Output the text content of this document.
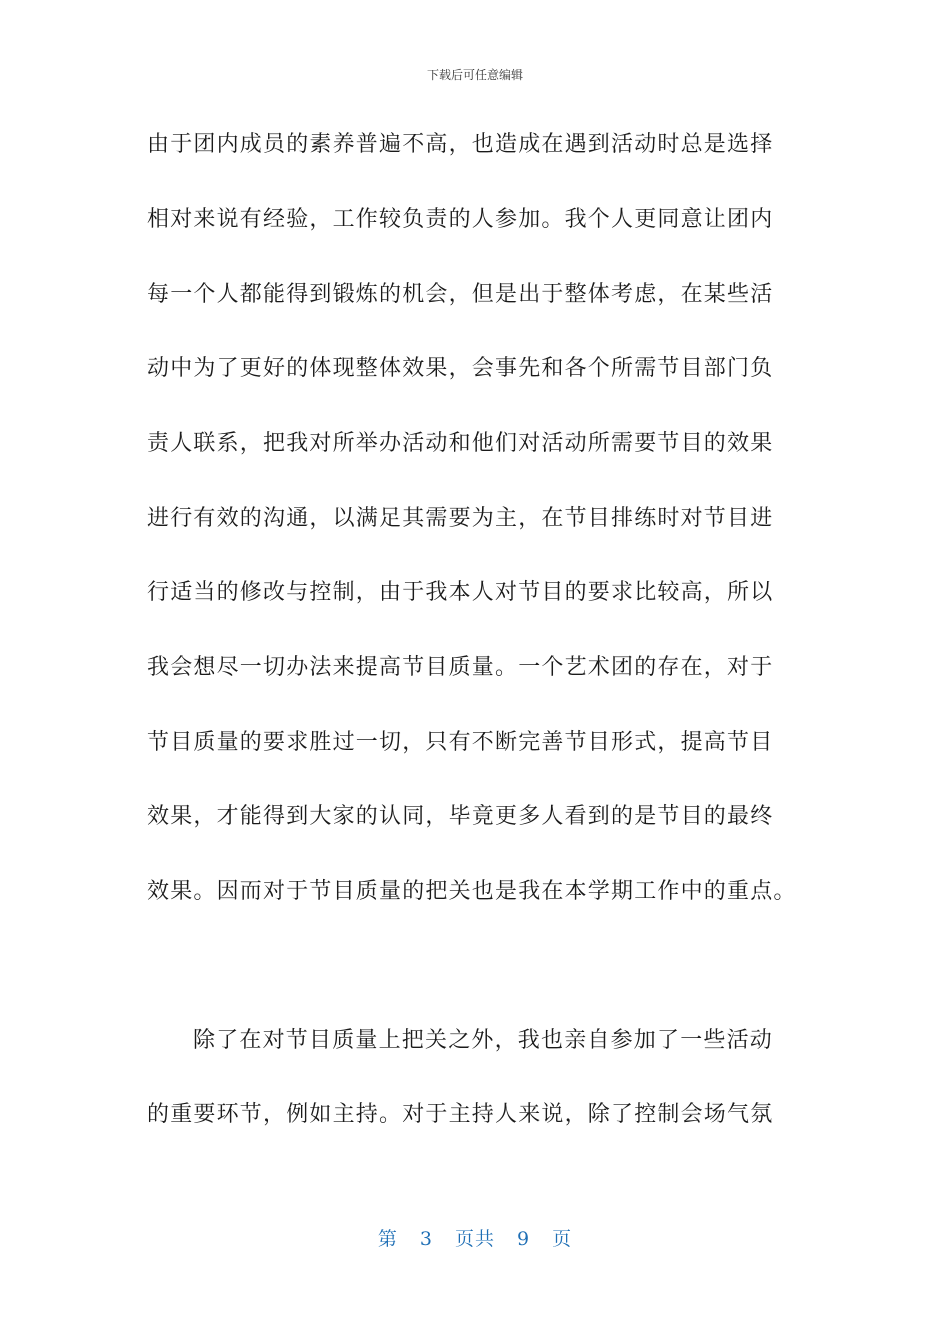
下载后可任意编辑
由于团内成员的素养普遍不高，也造成在遇到活动时总是选择
相对来说有经验，工作较负责的人参加。我个人更同意让团内
每一个人都能得到锻炼的机会，但是出于整体考虑，在某些活
动中为了更好的体现整体效果，会事先和各个所需节目部门负
责人联系，把我对所举办活动和他们对活动所需要节目的效果
进行有效的沟通，以满足其需要为主，在节目排练时对节目进
行适当的修改与控制，由于我本人对节目的要求比较高，所以
我会想尽一切办法来提高节目质量。一个艺术团的存在，对于
节目质量的要求胜过一切，只有不断完善节目形式，提高节目
效果，才能得到大家的认同，毕竟更多人看到的是节目的最终
效果。因而对于节目质量的把关也是我在本学期工作中的重点。
除了在对节目质量上把关之外，我也亲自参加了一些活动
的重要环节，例如主持。对于主持人来说，除了控制会场气氛
第 3 页共 9 页
